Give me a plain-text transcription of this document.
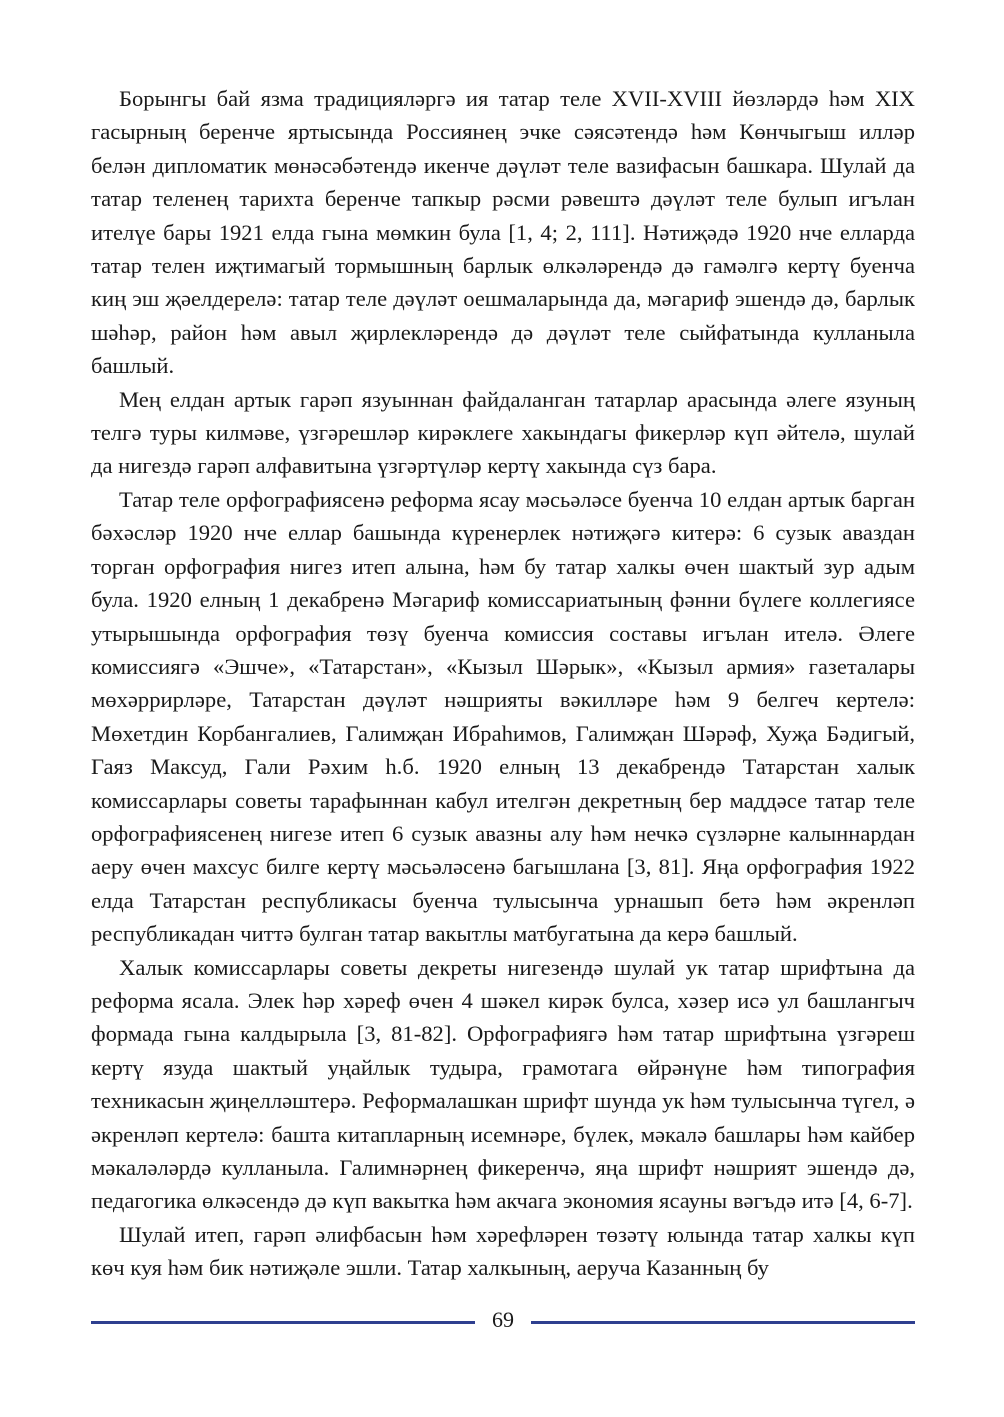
Борынгы бай язма традицияләргә ия татар теле XVII-XVIII йөзләрдә һәм XIX гасырның беренче яртысында Россиянең эчке сәясәтендә һәм Көнчыгыш илләр белән дипломатик мөнәсәбәтендә икенче дәүләт теле вазифасын башкара. Шулай да татар теленең тарихта беренче тапкыр рәсми рәвештә дәүләт теле булып игълан ителүе бары 1921 елда гына мөмкин була [1, 4; 2, 111]. Нәтиҗәдә 1920 нче елларда татар телен иҗтимагый тормышның барлык өлкәләрендә дә гамәлгә кертү буенча киң эш җәелдерелә: татар теле дәүләт оешмаларында да, мәгариф эшендә дә, барлык шәһәр, район һәм авыл җирлекләрендә дә дәүләт теле сыйфатында кулланыла башлый.

Мең елдан артык гарәп язуыннан файдаланган татарлар арасында әлеге язуның телгә туры килмәве, үзгәрешләр кирәклеге хакындагы фикерләр күп әйтелә, шулай да нигездә гарәп алфавитына үзгәртүләр кертү хакында сүз бара.

Татар теле орфографиясенә реформа ясау мәсьәләсе буенча 10 елдан артык барган бәхәсләр 1920 нче еллар башында күренерлек нәтиҗәгә китерә: 6 сузык аваздан торган орфография нигез итеп алына, һәм бу татар халкы өчен шактый зур адым була. 1920 елның 1 декабренә Мәгариф комиссариатының фәнни бүлеге коллегиясе утырышында орфография төзү буенча комиссия составы игълан ителә. Әлеге комиссиягә «Эшче», «Татарстан», «Кызыл Шәрык», «Кызыл армия» газеталары мөхәррирләре, Татарстан дәүләт нәшрияты вәкилләре һәм 9 белгеч кертелә: Мөхетдин Корбангалиев, Галимҗан Ибраһимов, Галимҗан Шәрәф, Хуҗа Бәдигый, Гаяз Максуд, Гали Рәхим һ.б. 1920 елның 13 декабрендә Татарстан халык комиссарлары советы тарафыннан кабул ителгән декретның бер маддәсе татар теле орфографиясенең нигезе итеп 6 сузык авазны алу һәм нечкә сүзләрне калыннардан аеру өчен махсус билге кертү мәсьәләсенә багышлана [3, 81]. Яңа орфография 1922 елда Татарстан республикасы буенча тулысынча урнашып бетә һәм әкренләп республикадан читтә булган татар вакытлы матбугатына да керә башлый.

Халык комиссарлары советы декреты нигезендә шулай ук татар шрифтына да реформа ясала. Элек һәр хәреф өчен 4 шәкел кирәк булса, хәзер исә ул башлангыч формада гына калдырыла [3, 81-82]. Орфографиягә һәм татар шрифтына үзгәреш кертү язуда шактый уңайлык тудыра, грамотага өйрәнүне һәм типография техникасын җиңелләштерә. Реформалашкан шрифт шунда ук һәм тулысынча түгел, ә әкренләп кертелә: башта китапларның исемнәре, бүлек, мәкалә башлары һәм кайбер мәкаләләрдә кулланыла. Галимнәрнең фикеренчә, яңа шрифт нәшрият эшендә дә, педагогика өлкәсендә дә күп вакытка һәм акчага экономия ясауны вәгъдә итә [4, 6-7].

Шулай итеп, гарәп әлифбасын һәм хәрефләрен төзәтү юлында татар халкы күп көч куя һәм бик нәтиҗәле эшли. Татар халкының, аеруча Казанның бу

69
